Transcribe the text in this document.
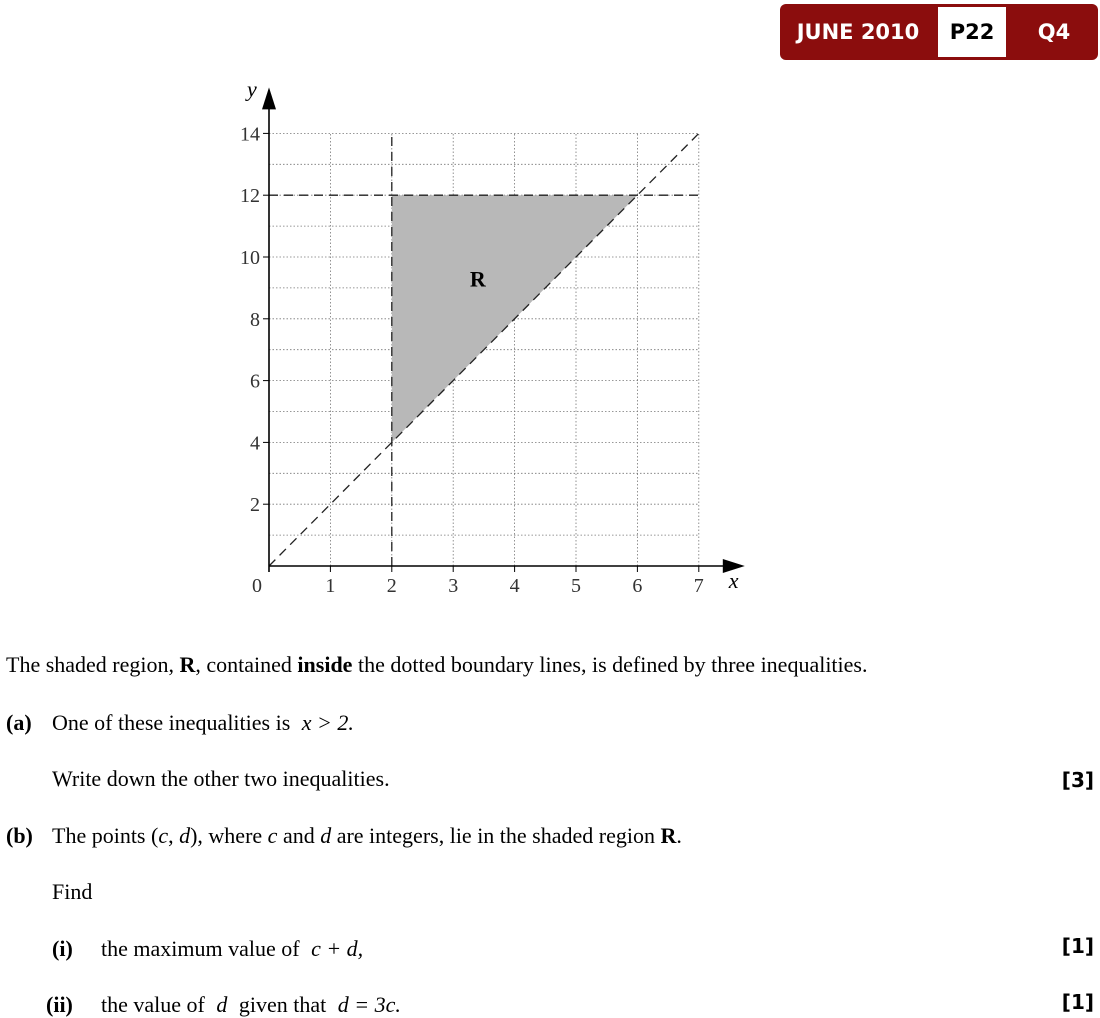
JUNE 2010	P22	Q4
0	1	2	3	4	5	6	7
2
4
6
8
10
12
14
R
x
y
The shaded region, R, contained inside the dotted boundary lines, is defined by three inequalities.
(a) One of these inequalities is x > 2.
Write down the other two inequalities.	[3]
(b) The points (c, d), where c and d are integers, lie in the shaded region R.
Find
(i) the maximum value of c + d,	[1]
(ii) the value of d given that d = 3c.	[1]
